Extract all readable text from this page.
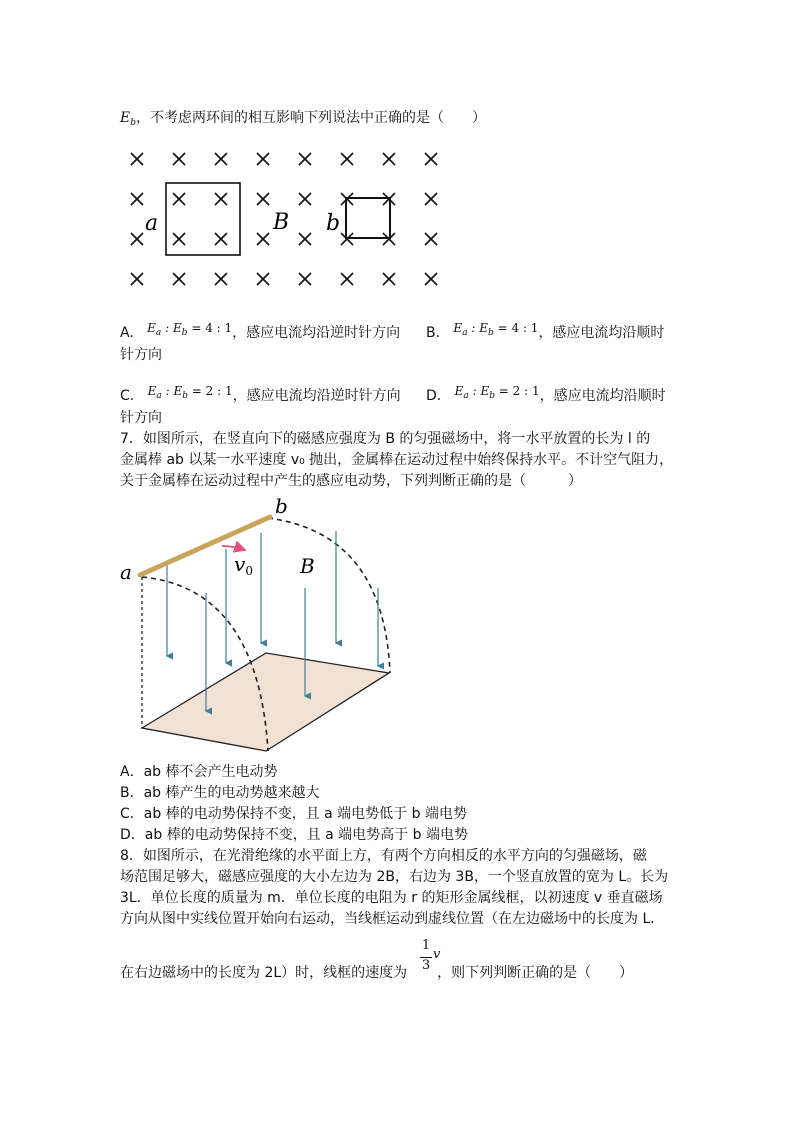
$E_b$，不考虑两环间的相互影响下列说法中正确的是（　　）
a	B b
A. $E_a$ : $E_b = 4$ : 1，感应电流均沿逆时针方向 B. $E_a$ : $E_b = 4$ : 1，感应电流均沿顺时
针方向
C. $E_a$ : $E_b = 2$ : 1，感应电流均沿逆时针方向 D. $E_a$ : $E_b = 2$ : 1，感应电流均沿顺时
针方向
7．如图所示，在竖直向下的磁感应强度为 B 的匀强磁场中，将一水平放置的长为 l 的
金属棒 ab 以某一水平速度 v₀ 抛出，金属棒在运动过程中始终保持水平。不计空气阻力，
关于金属棒在运动过程中产生的感应电动势，下列判断正确的是（　　　）
a
b
$v_0$ B
A．ab 棒不会产生电动势
B．ab 棒产生的电动势越来越大
C．ab 棒的电动势保持不变，且 a 端电势低于 b 端电势
D．ab 棒的电动势保持不变，且 a 端电势高于 b 端电势
8．如图所示，在光滑绝缘的水平面上方，有两个方向相反的水平方向的匀强磁场，磁
场范围足够大，磁感应强度的大小左边为 2B，右边为 3B，一个竖直放置的宽为 L。长为
3L．单位长度的质量为 m．单位长度的电阻为 r 的矩形金属线框，以初速度 v 垂直磁场
方向从图中实线位置开始向右运动，当线框运动到虚线位置（在左边磁场中的长度为 L．
在右边磁场中的长度为 2L）时，线框的速度为 ，则下列判断正确的是（　　）
1
3
v
